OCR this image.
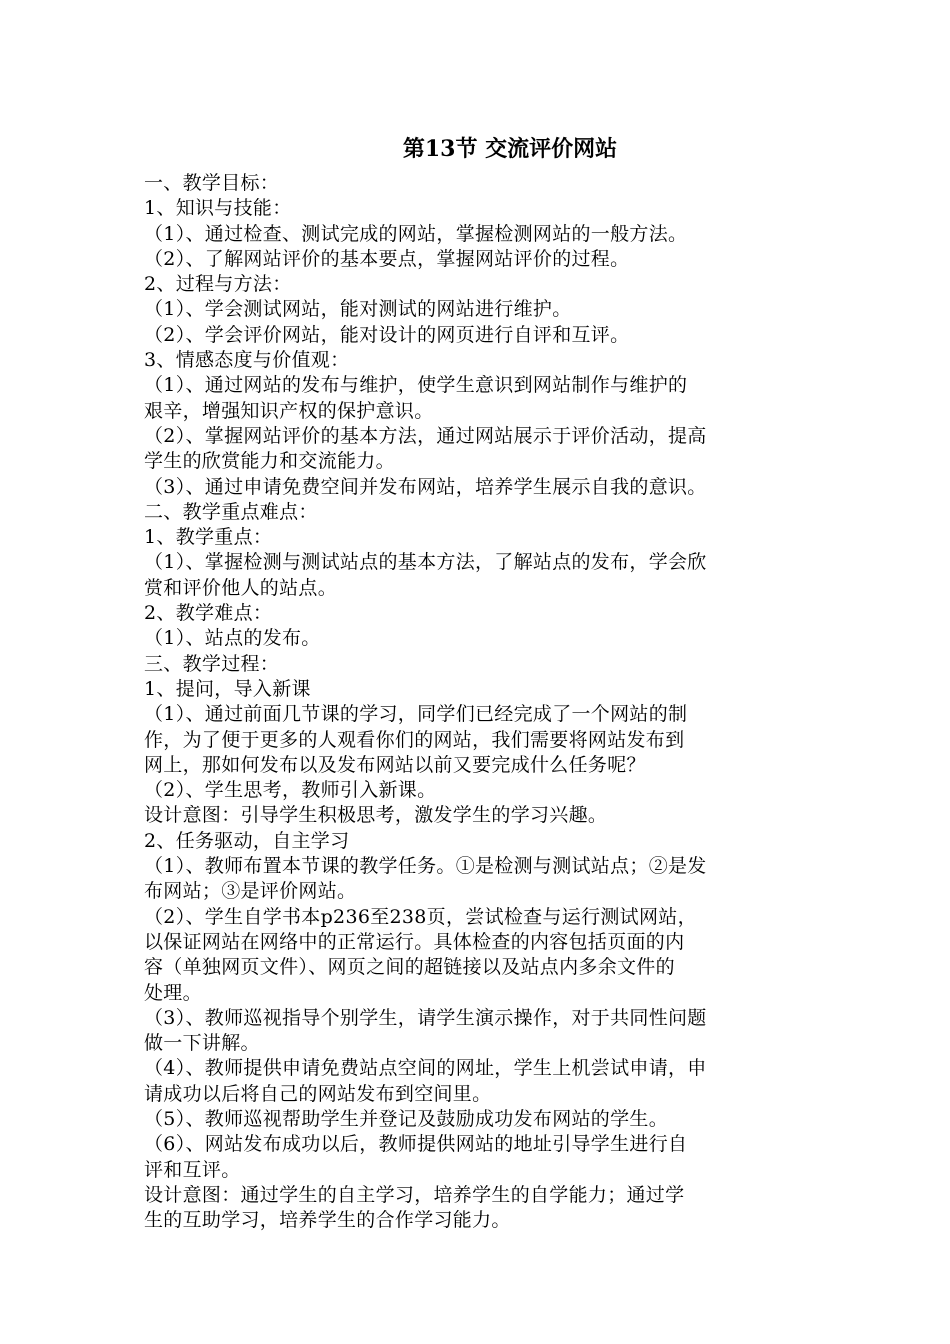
第13节 交流评价网站
一、教学目标：
1、知识与技能：
（1）、通过检查、测试完成的网站，掌握检测网站的一般方法。
（2）、了解网站评价的基本要点，掌握网站评价的过程。
2、过程与方法：
（1）、学会测试网站，能对测试的网站进行维护。
（2）、学会评价网站，能对设计的网页进行自评和互评。
3、情感态度与价值观：
（1）、通过网站的发布与维护，使学生意识到网站制作与维护的
艰辛，增强知识产权的保护意识。
（2）、掌握网站评价的基本方法，通过网站展示于评价活动，提高
学生的欣赏能力和交流能力。
（3）、通过申请免费空间并发布网站，培养学生展示自我的意识。
二、教学重点难点：
1、教学重点：
（1）、掌握检测与测试站点的基本方法，了解站点的发布，学会欣
赏和评价他人的站点。
2、教学难点：
（1）、站点的发布。
三、教学过程：
1、提问，导入新课
（1）、通过前面几节课的学习，同学们已经完成了一个网站的制
作，为了便于更多的人观看你们的网站，我们需要将网站发布到
网上，那如何发布以及发布网站以前又要完成什么任务呢？
（2）、学生思考，教师引入新课。
设计意图：引导学生积极思考，激发学生的学习兴趣。
2、任务驱动，自主学习
（1）、教师布置本节课的教学任务。①是检测与测试站点；②是发
布网站；③是评价网站。
（2）、学生自学书本p236至238页，尝试检查与运行测试网站，
以保证网站在网络中的正常运行。具体检查的内容包括页面的内
容（单独网页文件）、网页之间的超链接以及站点内多余文件的
处理。
（3）、教师巡视指导个别学生，请学生演示操作，对于共同性问题
做一下讲解。
（4）、教师提供申请免费站点空间的网址，学生上机尝试申请，申
请成功以后将自己的网站发布到空间里。
（5）、教师巡视帮助学生并登记及鼓励成功发布网站的学生。
（6）、网站发布成功以后，教师提供网站的地址引导学生进行自
评和互评。
设计意图：通过学生的自主学习，培养学生的自学能力；通过学
生的互助学习，培养学生的合作学习能力。
